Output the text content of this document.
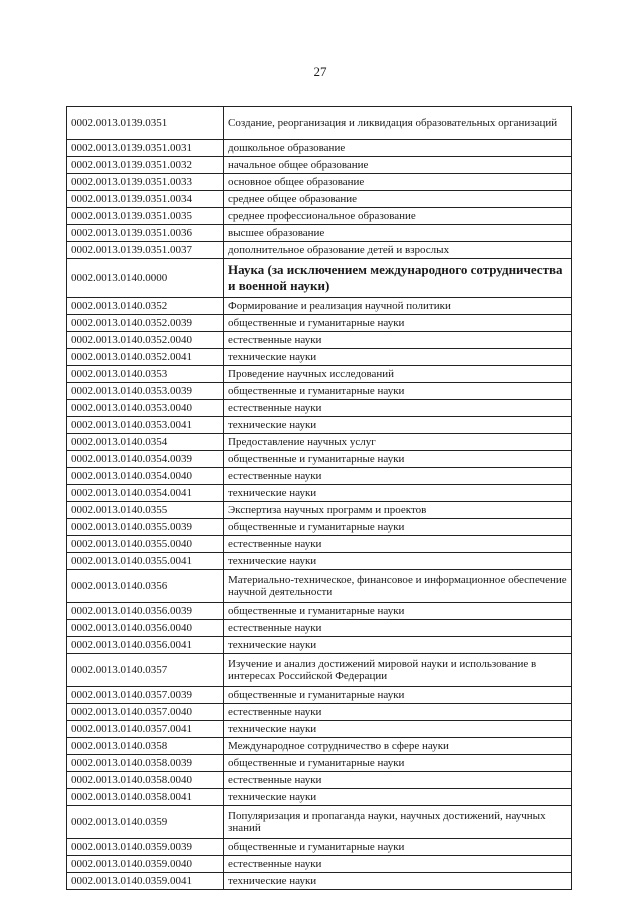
27
0002.0013.0139.0351	Создание, реорганизация и ликвидация образовательных организаций
0002.0013.0139.0351.0031	дошкольное образование
0002.0013.0139.0351.0032	начальное общее образование
0002.0013.0139.0351.0033	основное общее образование
0002.0013.0139.0351.0034	среднее общее образование
0002.0013.0139.0351.0035	среднее профессиональное образование
0002.0013.0139.0351.0036	высшее образование
0002.0013.0139.0351.0037	дополнительное образование детей и взрослых
0002.0013.0140.0000	Наука (за исключением международного сотрудничества и военной науки)
0002.0013.0140.0352	Формирование и реализация научной политики
0002.0013.0140.0352.0039	общественные и гуманитарные науки
0002.0013.0140.0352.0040	естественные науки
0002.0013.0140.0352.0041	технические науки
0002.0013.0140.0353	Проведение научных исследований
0002.0013.0140.0353.0039	общественные и гуманитарные науки
0002.0013.0140.0353.0040	естественные науки
0002.0013.0140.0353.0041	технические науки
0002.0013.0140.0354	Предоставление научных услуг
0002.0013.0140.0354.0039	общественные и гуманитарные науки
0002.0013.0140.0354.0040	естественные науки
0002.0013.0140.0354.0041	технические науки
0002.0013.0140.0355	Экспертиза научных программ и проектов
0002.0013.0140.0355.0039	общественные и гуманитарные науки
0002.0013.0140.0355.0040	естественные науки
0002.0013.0140.0355.0041	технические науки
0002.0013.0140.0356	Материально-техническое, финансовое и информационное обеспечение научной деятельности
0002.0013.0140.0356.0039	общественные и гуманитарные науки
0002.0013.0140.0356.0040	естественные науки
0002.0013.0140.0356.0041	технические науки
0002.0013.0140.0357	Изучение и анализ достижений мировой науки и использование в интересах Российской Федерации
0002.0013.0140.0357.0039	общественные и гуманитарные науки
0002.0013.0140.0357.0040	естественные науки
0002.0013.0140.0357.0041	технические науки
0002.0013.0140.0358	Международное сотрудничество в сфере науки
0002.0013.0140.0358.0039	общественные и гуманитарные науки
0002.0013.0140.0358.0040	естественные науки
0002.0013.0140.0358.0041	технические науки
0002.0013.0140.0359	Популяризация и пропаганда науки, научных достижений, научных знаний
0002.0013.0140.0359.0039	общественные и гуманитарные науки
0002.0013.0140.0359.0040	естественные науки
0002.0013.0140.0359.0041	технические науки
